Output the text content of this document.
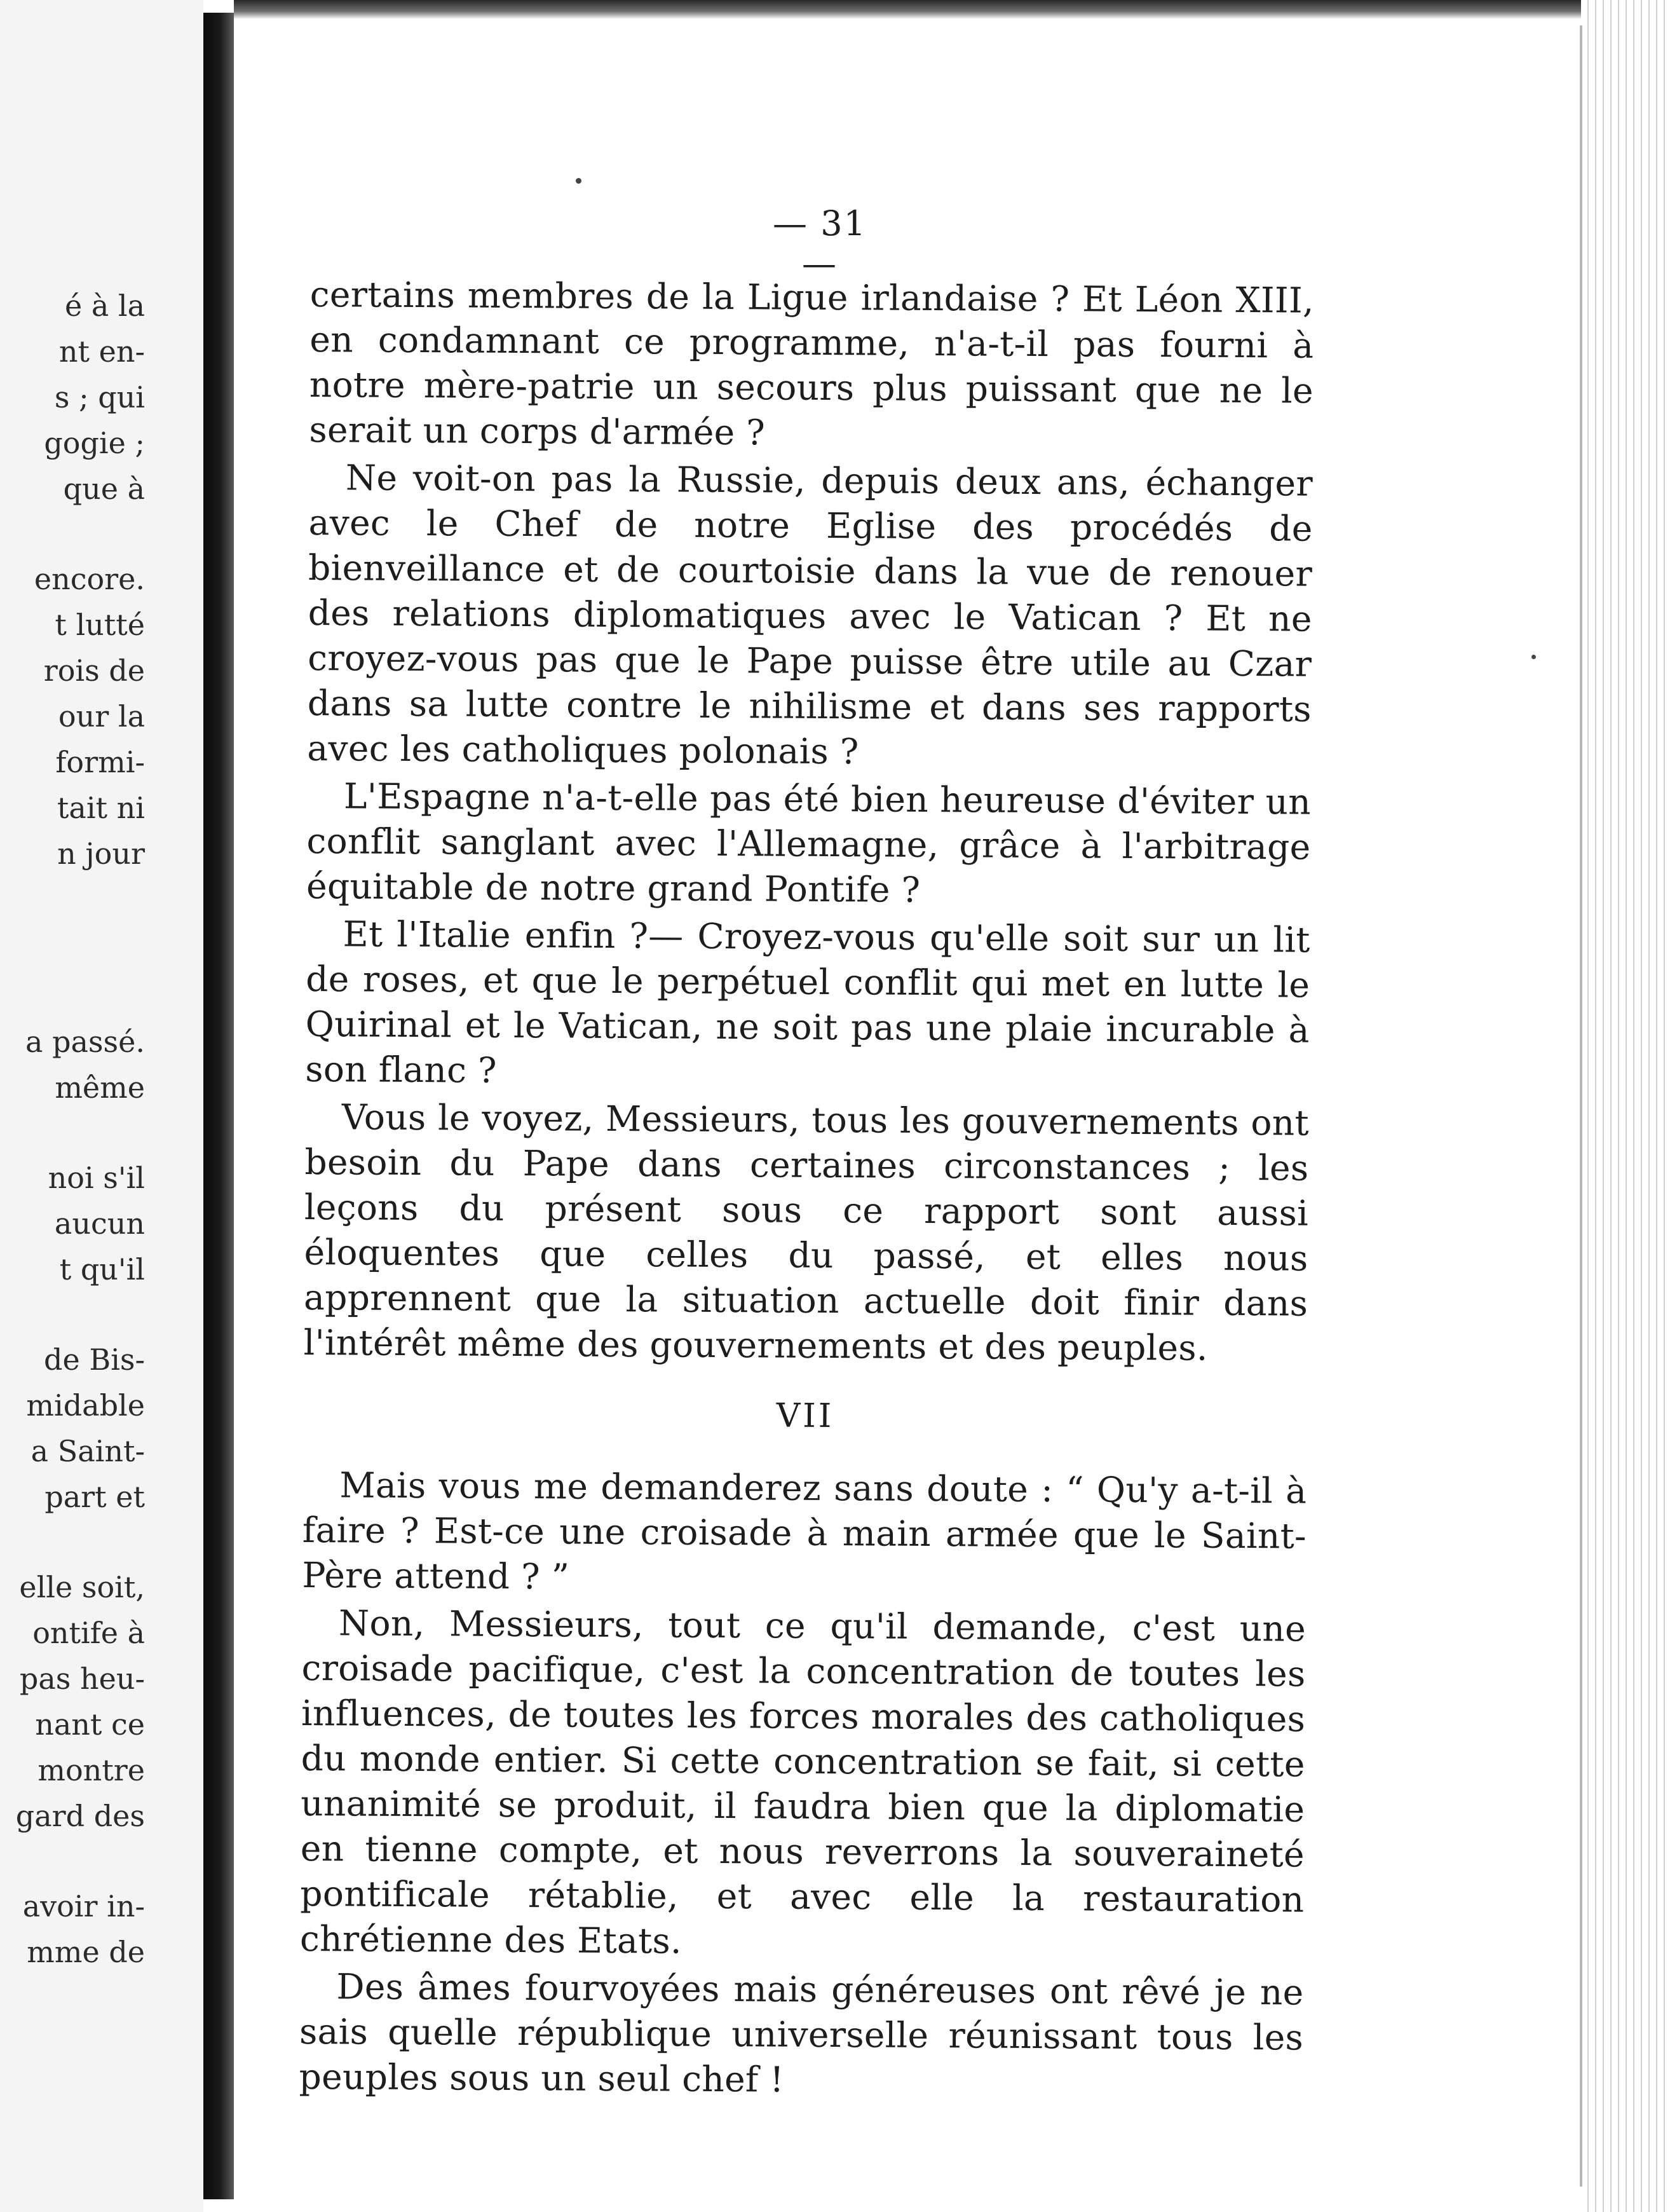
é à la
nt en-
s ; qui
gogie ;
que à
encore.
t lutté
rois de
our la
formi-
tait ni
n jour
a passé.
même
noi s'il
aucun
t qu'il
de Bis-
midable
a Saint-
part et
elle soit,
ontife à
pas heu-
nant ce
montre
gard des
avoir in-
mme de
— 31 —

certains membres de la Ligue irlandaise ? Et Léon XIII, en condamnant ce programme, n'a-t-il pas fourni à notre mère-patrie un secours plus puissant que ne le serait un corps d'armée ?

Ne voit-on pas la Russie, depuis deux ans, échanger avec le Chef de notre Eglise des procédés de bienveillance et de courtoisie dans la vue de renouer des relations diplomatiques avec le Vatican ? Et ne croyez-vous pas que le Pape puisse être utile au Czar dans sa lutte contre le nihilisme et dans ses rapports avec les catholiques polonais ?

L'Espagne n'a-t-elle pas été bien heureuse d'éviter un conflit sanglant avec l'Allemagne, grâce à l'arbitrage équitable de notre grand Pontife ?

Et l'Italie enfin ?— Croyez-vous qu'elle soit sur un lit de roses, et que le perpétuel conflit qui met en lutte le Quirinal et le Vatican, ne soit pas une plaie incurable à son flanc ?

Vous le voyez, Messieurs, tous les gouvernements ont besoin du Pape dans certaines circonstances ; les leçons du présent sous ce rapport sont aussi éloquentes que celles du passé, et elles nous apprennent que la situation actuelle doit finir dans l'intérêt même des gouvernements et des peuples.

VII

Mais vous me demanderez sans doute : “ Qu'y a-t-il à faire ? Est-ce une croisade à main armée que le Saint-Père attend ? ”

Non, Messieurs, tout ce qu'il demande, c'est une croisade pacifique, c'est la concentration de toutes les influences, de toutes les forces morales des catholiques du monde entier. Si cette concentration se fait, si cette unanimité se produit, il faudra bien que la diplomatie en tienne compte, et nous reverrons la souveraineté pontificale rétablie, et avec elle la restauration chrétienne des Etats.

Des âmes fourvoyées mais généreuses ont rêvé je ne sais quelle république universelle réunissant tous les peuples sous un seul chef !
